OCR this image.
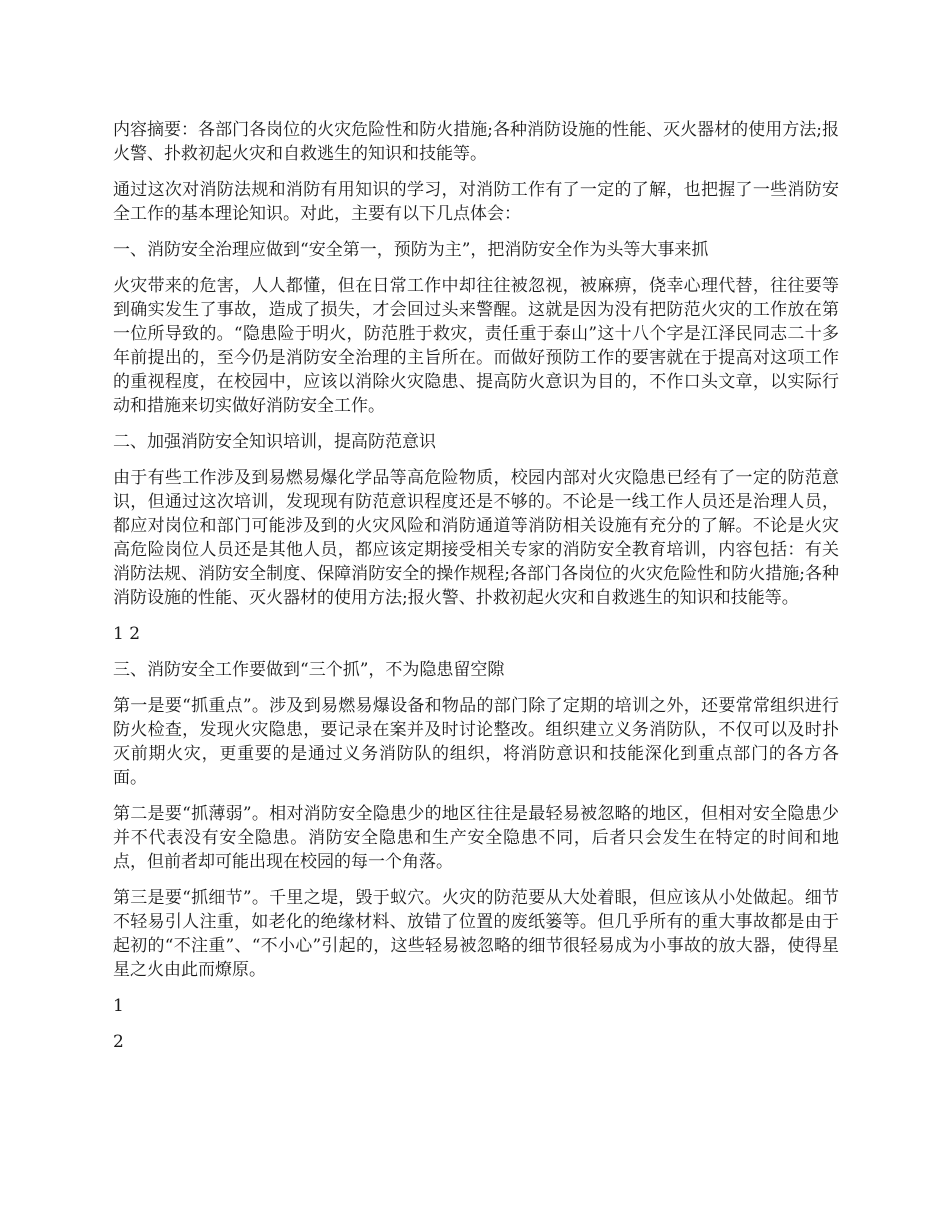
内容摘要：各部门各岗位的火灾危险性和防火措施;各种消防设施的性能、灭火器材的使用方法;报火警、扑救初起火灾和自救逃生的知识和技能等。

通过这次对消防法规和消防有用知识的学习，对消防工作有了一定的了解，也把握了一些消防安全工作的基本理论知识。对此，主要有以下几点体会：

一、消防安全治理应做到“安全第一，预防为主”，把消防安全作为头等大事来抓

火灾带来的危害，人人都懂，但在日常工作中却往往被忽视，被麻痹，侥幸心理代替，往往要等到确实发生了事故，造成了损失，才会回过头来警醒。这就是因为没有把防范火灾的工作放在第一位所导致的。“隐患险于明火，防范胜于救灾，责任重于泰山”这十八个字是江泽民同志二十多年前提出的，至今仍是消防安全治理的主旨所在。而做好预防工作的要害就在于提高对这项工作的重视程度，在校园中，应该以消除火灾隐患、提高防火意识为目的，不作口头文章，以实际行动和措施来切实做好消防安全工作。

二、加强消防安全知识培训，提高防范意识

由于有些工作涉及到易燃易爆化学品等高危险物质，校园内部对火灾隐患已经有了一定的防范意识，但通过这次培训，发现现有防范意识程度还是不够的。不论是一线工作人员还是治理人员，都应对岗位和部门可能涉及到的火灾风险和消防通道等消防相关设施有充分的了解。不论是火灾高危险岗位人员还是其他人员，都应该定期接受相关专家的消防安全教育培训，内容包括：有关消防法规、消防安全制度、保障消防安全的操作规程;各部门各岗位的火灾危险性和防火措施;各种消防设施的性能、灭火器材的使用方法;报火警、扑救初起火灾和自救逃生的知识和技能等。

1 2

三、消防安全工作要做到“三个抓”，不为隐患留空隙

第一是要“抓重点”。涉及到易燃易爆设备和物品的部门除了定期的培训之外，还要常常组织进行防火检查，发现火灾隐患，要记录在案并及时讨论整改。组织建立义务消防队，不仅可以及时扑灭前期火灾，更重要的是通过义务消防队的组织，将消防意识和技能深化到重点部门的各方各面。

第二是要“抓薄弱”。相对消防安全隐患少的地区往往是最轻易被忽略的地区，但相对安全隐患少并不代表没有安全隐患。消防安全隐患和生产安全隐患不同，后者只会发生在特定的时间和地点，但前者却可能出现在校园的每一个角落。

第三是要“抓细节”。千里之堤，毁于蚁穴。火灾的防范要从大处着眼，但应该从小处做起。细节不轻易引人注重，如老化的绝缘材料、放错了位置的废纸篓等。但几乎所有的重大事故都是由于起初的“不注重”、“不小心”引起的，这些轻易被忽略的细节很轻易成为小事故的放大器，使得星星之火由此而燎原。

1

2
